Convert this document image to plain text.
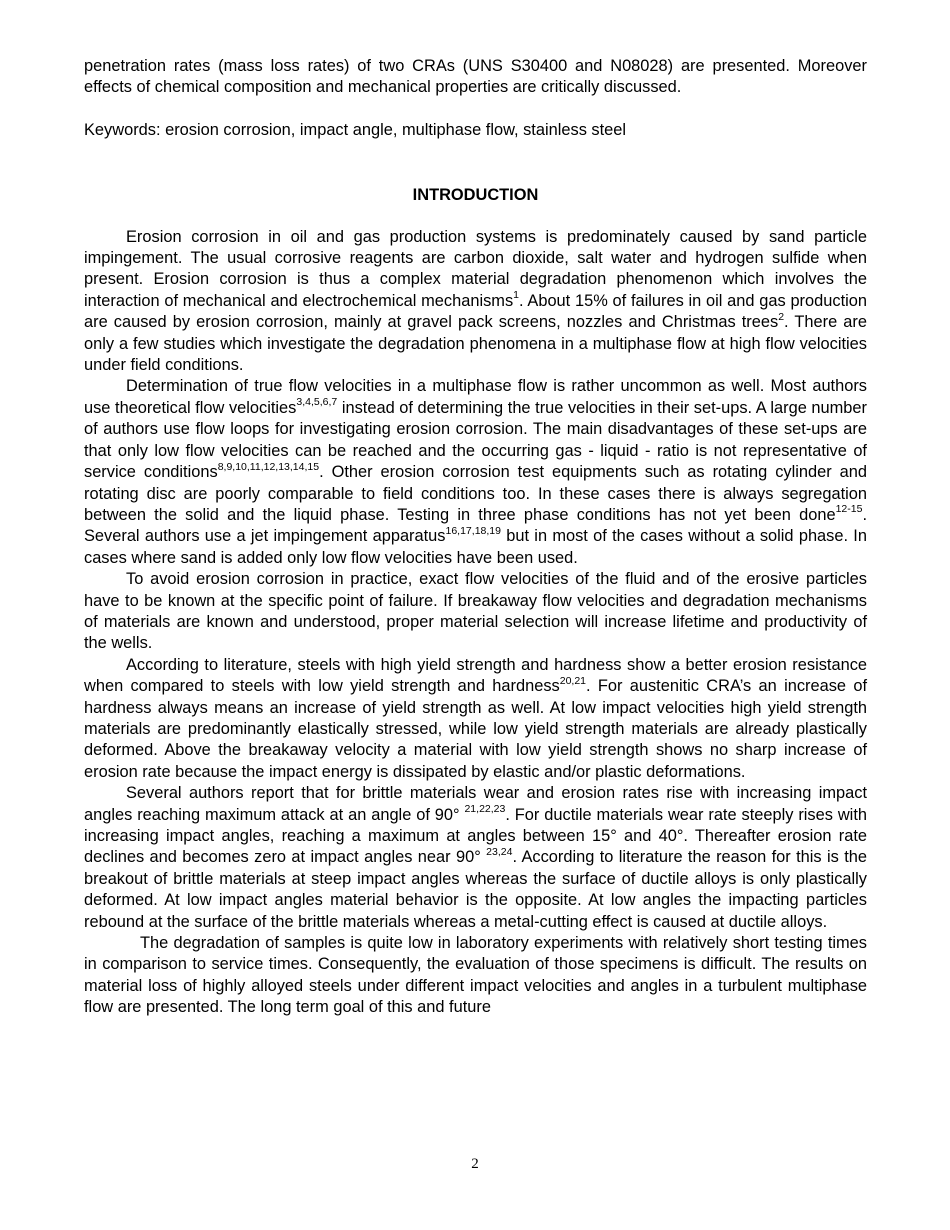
penetration rates (mass loss rates) of two CRAs (UNS S30400 and N08028) are presented. Moreover effects of chemical composition and mechanical properties are critically discussed.

Keywords: erosion corrosion, impact angle, multiphase flow, stainless steel

INTRODUCTION

Erosion corrosion in oil and gas production systems is predominately caused by sand particle impingement. The usual corrosive reagents are carbon dioxide, salt water and hydrogen sulfide when present. Erosion corrosion is thus a complex material degradation phenomenon which involves the interaction of mechanical and electrochemical mechanisms$^1$. About 15% of failures in oil and gas production are caused by erosion corrosion, mainly at gravel pack screens, nozzles and Christmas trees$^2$. There are only a few studies which investigate the degradation phenomena in a multiphase flow at high flow velocities under field conditions.

Determination of true flow velocities in a multiphase flow is rather uncommon as well. Most authors use theoretical flow velocities$^{3,4,5,6,7}$ instead of determining the true velocities in their set-ups. A large number of authors use flow loops for investigating erosion corrosion. The main disadvantages of these set-ups are that only low flow velocities can be reached and the occurring gas - liquid - ratio is not representative of service conditions$^{8,9,10,11,12,13,14,15}$. Other erosion corrosion test equipments such as rotating cylinder and rotating disc are poorly comparable to field conditions too. In these cases there is always segregation between the solid and the liquid phase. Testing in three phase conditions has not yet been done$^{12-15}$. Several authors use a jet impingement apparatus$^{16,17,18,19}$ but in most of the cases without a solid phase. In cases where sand is added only low flow velocities have been used.

To avoid erosion corrosion in practice, exact flow velocities of the fluid and of the erosive particles have to be known at the specific point of failure. If breakaway flow velocities and degradation mechanisms of materials are known and understood, proper material selection will increase lifetime and productivity of the wells.

According to literature, steels with high yield strength and hardness show a better erosion resistance when compared to steels with low yield strength and hardness$^{20,21}$. For austenitic CRA’s an increase of hardness always means an increase of yield strength as well. At low impact velocities high yield strength materials are predominantly elastically stressed, while low yield strength materials are already plastically deformed. Above the breakaway velocity a material with low yield strength shows no sharp increase of erosion rate because the impact energy is dissipated by elastic and/or plastic deformations.

Several authors report that for brittle materials wear and erosion rates rise with increasing impact angles reaching maximum attack at an angle of 90° $^{21,22,23}$. For ductile materials wear rate steeply rises with increasing impact angles, reaching a maximum at angles between 15° and 40°. Thereafter erosion rate declines and becomes zero at impact angles near 90° $^{23,24}$. According to literature the reason for this is the breakout of brittle materials at steep impact angles whereas the surface of ductile alloys is only plastically deformed. At low impact angles material behavior is the opposite. At low angles the impacting particles rebound at the surface of the brittle materials whereas a metal-cutting effect is caused at ductile alloys.

The degradation of samples is quite low in laboratory experiments with relatively short testing times in comparison to service times. Consequently, the evaluation of those specimens is difficult. The results on material loss of highly alloyed steels under different impact velocities and angles in a turbulent multiphase flow are presented. The long term goal of this and future

2
